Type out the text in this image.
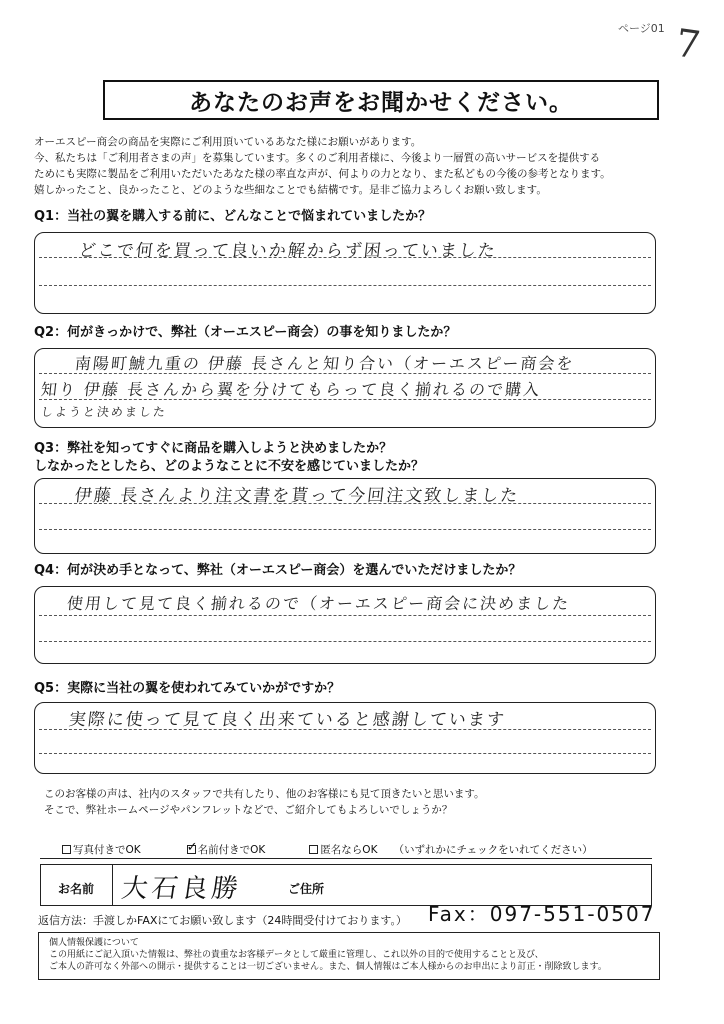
ページ01 7
あなたのお声をお聞かせください。

オーエスピー商会の商品を実際にご利用頂いているあなた様にお願いがあります。

今、私たちは「ご利用者さまの声」を募集しています。多くのご利用者様に、今後より一層質の高いサービスを提供する

ためにも実際に製品をご利用いただいたあなた様の率直な声が、何よりの力となり、また私どもの今後の参考となります。

嬉しかったこと、良かったこと、どのような些細なことでも結構です。是非ご協力よろしくお願い致します。

Q1：当社の翼を購入する前に、どんなことで悩まれていましたか？
どこで何を買って良いか解からず困っていました
Q2：何がきっかけで、弊社（オーエスピー商会）の事を知りましたか？
南陽町鯱九重の 伊藤 長さんと知り合い（オーエスピー商会を
知り 伊藤 長さんから翼を分けてもらって良く揃れるので購入
しようと決めました
Q3：弊社を知ってすぐに商品を購入しようと決めましたか？
しなかったとしたら、どのようなことに不安を感じていましたか？
伊藤 長さんより注文書を貰って今回注文致しました
Q4：何が決め手となって、弊社（オーエスピー商会）を選んでいただけましたか？
使用して見て良く揃れるので（オーエスピー商会に決めました
Q5：実際に当社の翼を使われてみていかがですか？
実際に使って見て良く出来ていると感謝しています

このお客様の声は、社内のスタッフで共有したり、他のお客様にも見て頂きたいと思います。

そこで、弊社ホームページやパンフレットなどで、ご紹介してもよろしいでしょうか？

写真付きでOK
✓	名前付きでOK	匿名ならOK （いずれかにチェックをいれてください）
お名前 大石良勝	ご住所
返信方法：手渡しかFAXにてお願い致します（24時間受付けております。） Fax：097-551-0507

個人情報保護について

この用紙にご記入頂いた情報は、弊社の貴重なお客様データとして厳重に管理し、これ以外の目的で使用することと及び、

ご本人の許可なく外部への開示・提供することは一切ございません。また、個人情報はご本人様からのお申出により訂正・削除致します。
